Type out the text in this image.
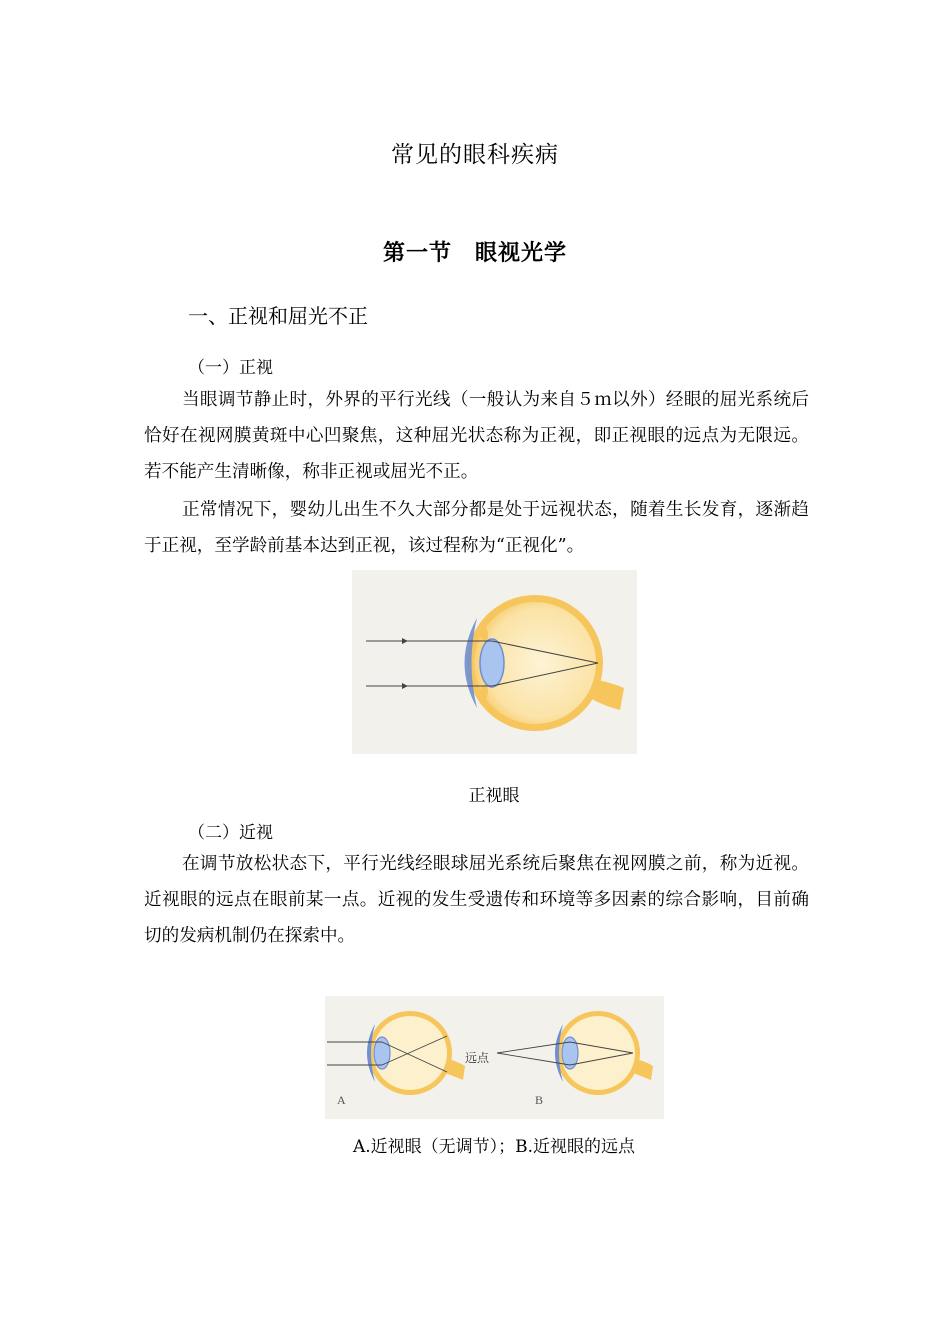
常见的眼科疾病
第一节　眼视光学
一、正视和屈光不正
（一）正视
当眼调节静止时，外界的平行光线（一般认为来自５ｍ以外）经眼的屈光系统后恰好在视网膜黄斑中心凹聚焦，这种屈光状态称为正视，即正视眼的远点为无限远。若不能产生清晰像，称非正视或屈光不正。
正常情况下，婴幼儿出生不久大部分都是处于远视状态，随着生长发育，逐渐趋于正视，至学龄前基本达到正视，该过程称为“正视化”。
正视眼
（二）近视
在调节放松状态下，平行光线经眼球屈光系统后聚焦在视网膜之前，称为近视。近视眼的远点在眼前某一点。近视的发生受遗传和环境等多因素的综合影响，目前确切的发病机制仍在探索中。
A
远点
B
A.近视眼（无调节）；B.近视眼的远点
